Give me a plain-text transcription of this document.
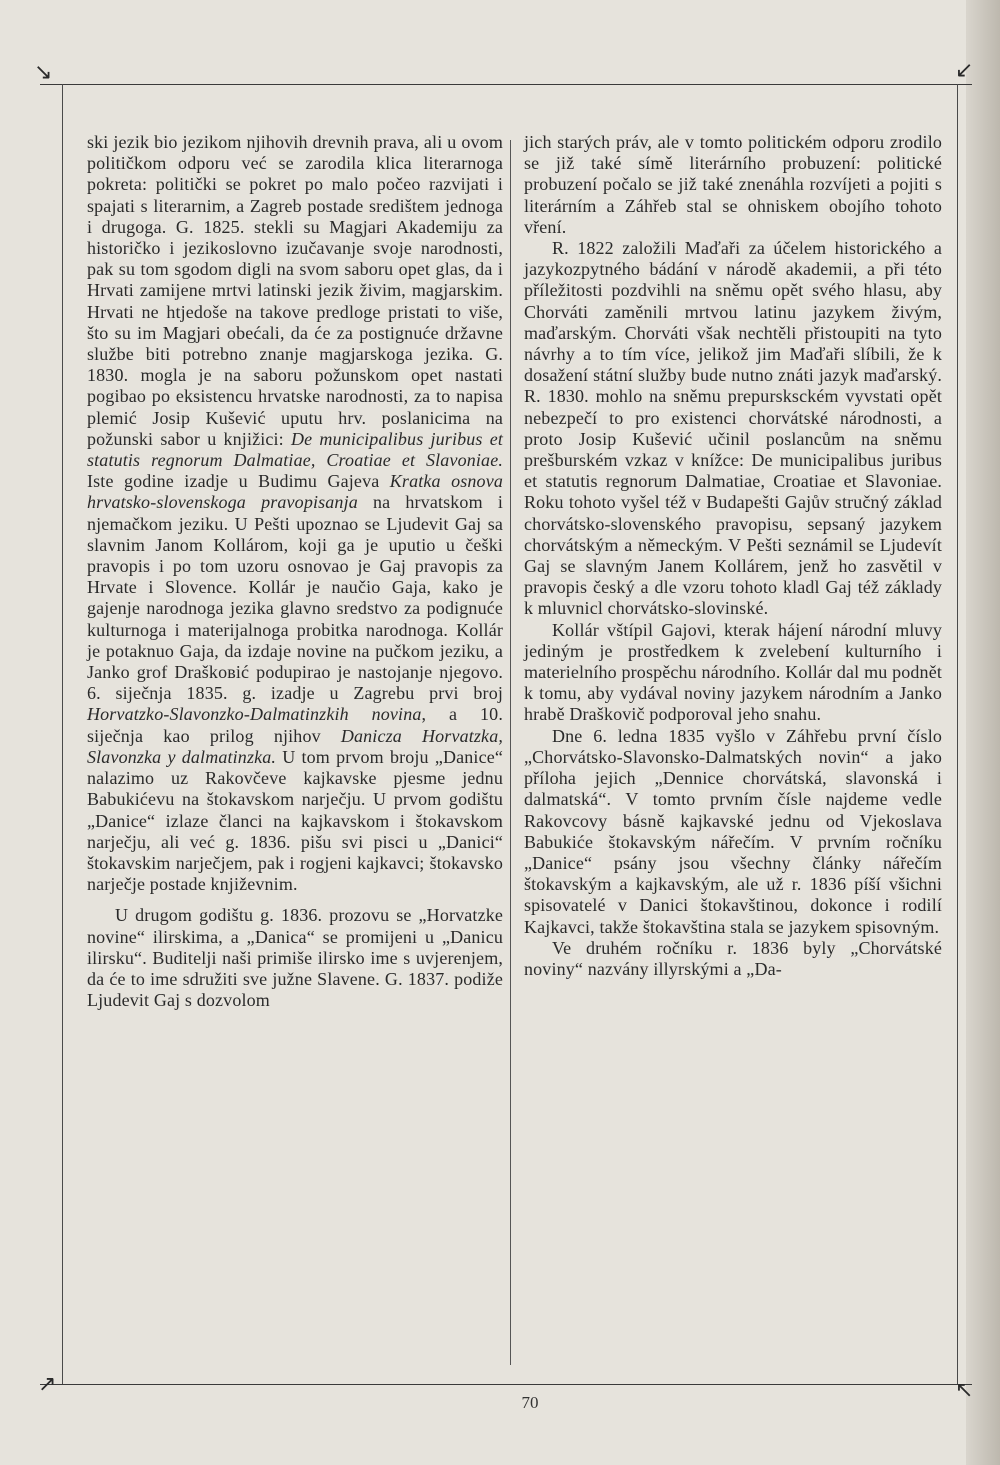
↘	↙
↗	↖

ski jezik bio jezikom njihovih drevnih prava, ali u ovom političkom odporu već se zarodila klica literarnoga pokreta: politički se pokret po malo počeo razvijati i spajati s literarnim, a Zagreb postade središtem jednoga i drugoga. G. 1825. stekli su Magjari Akademiju za historičko i jezikoslovno izučavanje svoje narodnosti, pak su tom sgodom digli na svom saboru opet glas, da i Hrvati zamijene mrtvi latinski jezik živim, magjarskim. Hrvati ne htjedoše na takove predloge pristati to više, što su im Magjari obećali, da će za postignuće državne službe biti potrebno znanje magjarskoga jezika. G. 1830. mogla je na saboru požunskom opet nastati pogibao po eksistencu hrvatske narodnosti, za to napisa plemić Josip Kušević uputu hrv. poslanicima na požunski sabor u knjižici: De municipalibus juribus et statutis regnorum Dalmatiae, Croatiae et Slavoniae. Iste godine izadje u Budimu Gajeva Kratka osnova hrvatsko-slovenskoga pravopisanja na hrvatskom i njemačkom jeziku. U Pešti upoznao se Ljudevit Gaj sa slavnim Janom Kollárom, koji ga je uputio u češki pravopis i po tom uzoru osnovao je Gaj pravopis za Hrvate i Slovence. Kollár je naučio Gaja, kako je gajenje narodnoga jezika glavno sredstvo za podignuće kulturnoga i materijalnoga probitka narodnoga. Kollár je potaknuo Gaja, da izdaje novine na pučkom jeziku, a Janko grof Draškoвić podupirao je nastojanje njegovo. 6. siječnja 1835. g. izadje u Zagrebu prvi broj Horvatzko-Slavonzko-Dalmatinzkih novina, a 10. siječnja kao prilog njihov Danicza Horvatzka, Slavonzka y dalmatinzka. U tom prvom broju „Danice“ nalazimo uz Rakovčeve kajkavske pjesme jednu Babukićevu na štokavskom narječju. U prvom godištu „Danice“ izlaze članci na kajkavskom i štokavskom narječju, ali već g. 1836. pišu svi pisci u „Danici“ štokavskim narječjem, pak i rogjeni kajkavci; štokavsko narječje postade književnim.

U drugom godištu g. 1836. prozovu se „Horvatzke novine“ ilirskima, a „Danica“ se promijeni u „Danicu ilirsku“. Buditelji naši primiše ilirsko ime s uvjerenjem, da će to ime sdružiti sve južne Slavene. G. 1837. podiže Ljudevit Gaj s dozvolom

jich starých práv, ale v tomto politickém odporu zrodilo se již také símě literárního probuzení: politické probuzení počalo se již také znenáhla rozvíjeti a pojiti s literárním a Záhřeb stal se ohniskem obojího tohoto vření.

R. 1822 založili Maďaři za účelem historického a jazykozpytného bádání v národě akademii, a při této příležitosti pozdvihli na sněmu opět svého hlasu, aby Chorváti zaměnili mrtvou latinu jazykem živým, maďarským. Chorváti však nechtěli přistoupiti na tyto návrhy a to tím více, jelikož jim Maďaři slíbili, že k dosažení státní služby bude nutno znáti jazyk maďarský. R. 1830. mohlo na sněmu prepursksckém vyvstati opět nebezpečí to pro existenci chorvátské národnosti, a proto Josip Kušević učinil poslancům na sněmu prešburském vzkaz v knížce: De municipalibus juribus et statutis regnorum Dalmatiae, Croatiae et Slavoniae. Roku tohoto vyšel též v Budapešti Gajův stručný základ chorvátsko-slovenského pravopisu, sepsaný jazykem chorvátským a německým. V Pešti seznámil se Ljudevít Gaj se slavným Janem Kollárem, jenž ho zasvětil v pravopis český a dle vzoru tohoto kladl Gaj též základy k mluvnicl chorvátsko-slovinské.

Kollár vštípil Gajovi, kterak hájení národní mluvy jediným je prostředkem k zvelebení kulturního i materielního prospěchu národního. Kollár dal mu podnět k tomu, aby vydával noviny jazykem národním a Janko hrabě Draškovič podporoval jeho snahu.

Dne 6. ledna 1835 vyšlo v Záhřebu první číslo „Chorvátsko-Slavonsko-Dalmatských novin“ a jako příloha jejich „Dennice chorvátská, slavonská i dalmatská“. V tomto prvním čísle najdeme vedle Rakovcovy básně kajkavské jednu od Vjekoslava Babukiće štokavským nářečím. V prvním ročníku „Danice“ psány jsou všechny články nářečím štokavským a kajkavským, ale už r. 1836 píší všichni spisovatelé v Danici štokavštinou, dokonce i rodilí Kajkavci, takže štokavština stala se jazykem spisovným.

Ve druhém ročníku r. 1836 byly „Chorvátské noviny“ nazvány illyrskými a „Da-

70
